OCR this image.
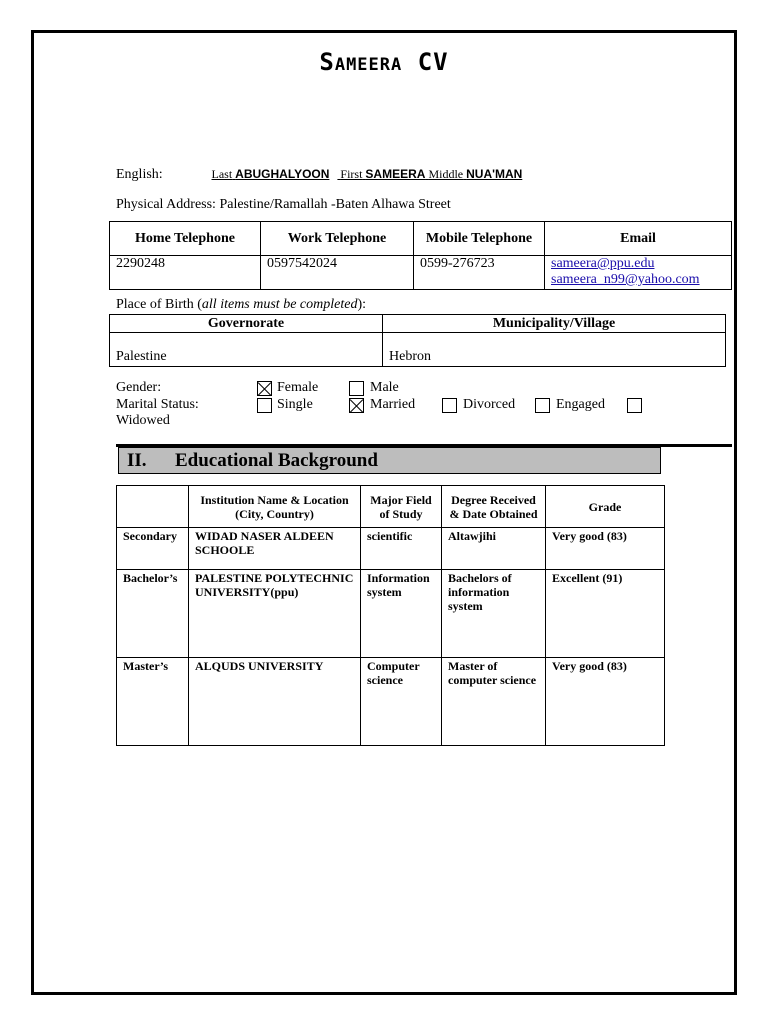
Sameera CV
English:	Last ABUGHALYOON First SAMEERA Middle NUA'MAN
Physical Address: Palestine/Ramallah -Baten Alhawa Street
Home Telephone	Work Telephone	Mobile Telephone	Email
2290248	0597542024	0599-276723	sameera@ppu.edu
sameera_n99@yahoo.com
Place of Birth (all items must be completed):
Governorate	Municipality/Village
Palestine	Hebron
Gender:	Female	Male
Marital Status:	Single	Married	Divorced	Engaged
Widowed
II. Educational Background
	Institution Name & Location (City, Country)	Major Field of Study	Degree Received & Date Obtained	Grade
Secondary	WIDAD NASER ALDEEN SCHOOLE	scientific	Altawjihi	Very good (83)
Bachelor’s	PALESTINE POLYTECHNIC UNIVERSITY(ppu)	Information system	Bachelors of information system	Excellent (91)
Master’s	ALQUDS UNIVERSITY	Computer science	Master of computer science	Very good (83)
